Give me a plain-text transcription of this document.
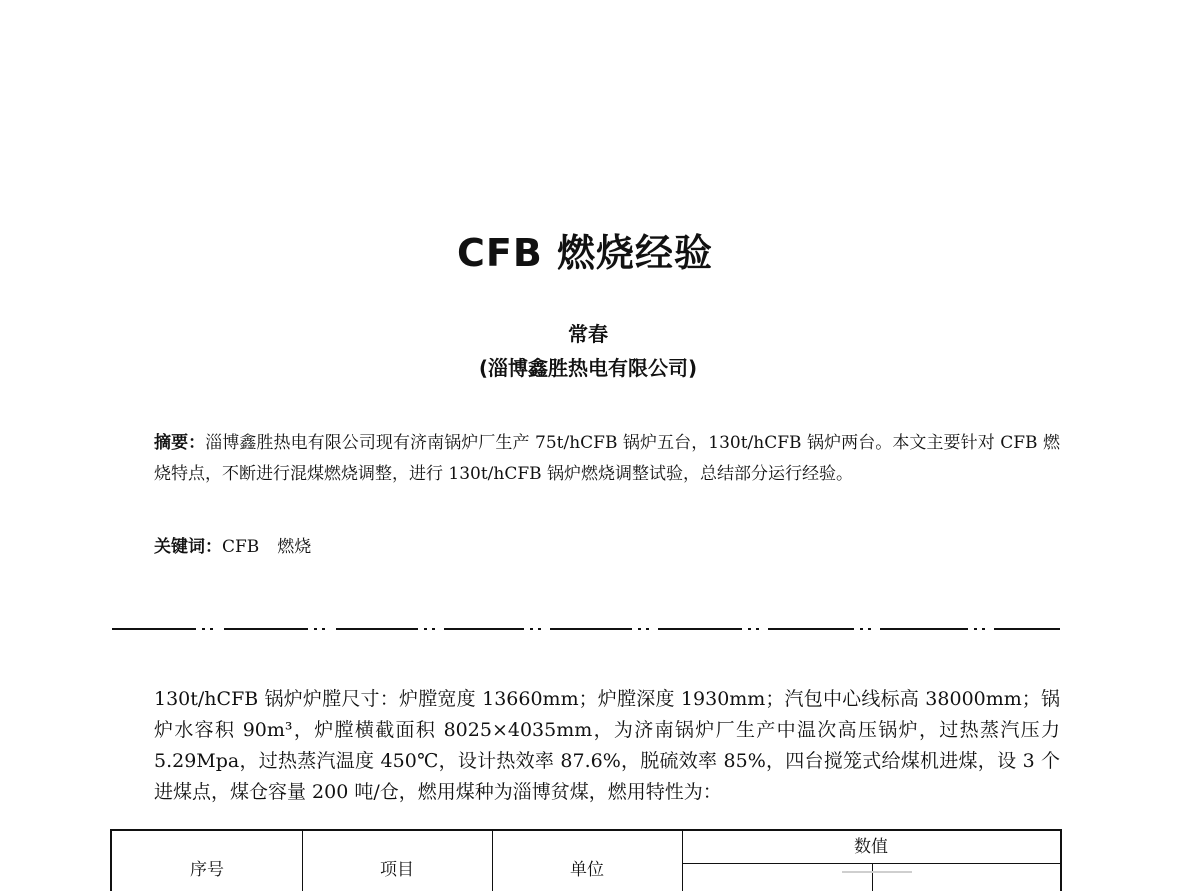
CFB 燃烧经验
常春
(淄博鑫胜热电有限公司)
摘要：淄博鑫胜热电有限公司现有济南锅炉厂生产 75t/hCFB 锅炉五台，130t/hCFB 锅炉两台。本文主要针对 CFB 燃烧特点，不断进行混煤燃烧调整，进行 130t/hCFB 锅炉燃烧调整试验，总结部分运行经验。
关键词：CFB 燃烧
130t/hCFB 锅炉炉膛尺寸：炉膛宽度 13660mm；炉膛深度 1930mm；汽包中心线标高 38000mm；锅炉水容积 90m³，炉膛横截面积 8025×4035mm，为济南锅炉厂生产中温次高压锅炉，过热蒸汽压力 5.29Mpa，过热蒸汽温度 450℃，设计热效率 87.6%，脱硫效率 85%，四台搅笼式给煤机进煤，设 3 个进煤点，煤仓容量 200 吨/仓，燃用煤种为淄博贫煤，燃用特性为：
序号	项目	单位
数值
